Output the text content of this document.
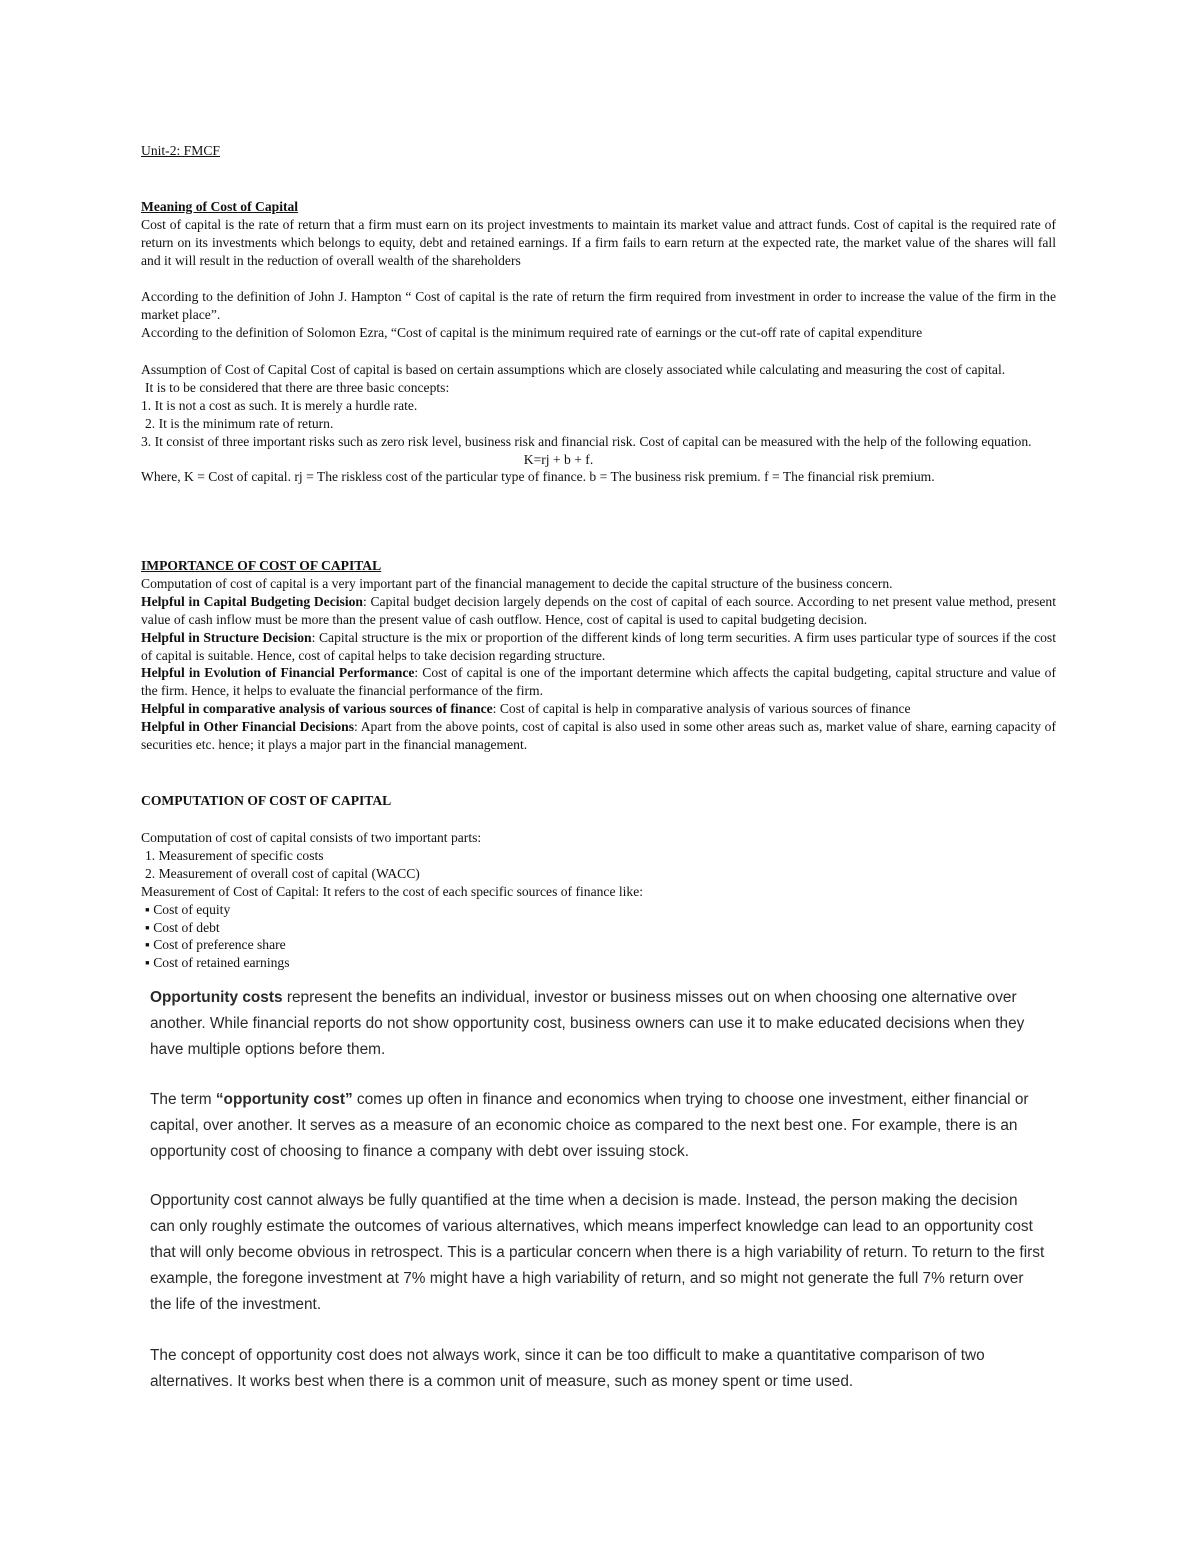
Unit-2: FMCF

Meaning of Cost of Capital

Cost of capital is the rate of return that a firm must earn on its project investments to maintain its market value and attract funds. Cost of capital is the required rate of return on its investments which belongs to equity, debt and retained earnings. If a firm fails to earn return at the expected rate, the market value of the shares will fall and it will result in the reduction of overall wealth of the shareholders

According to the definition of John J. Hampton “ Cost of capital is the rate of return the firm required from investment in order to increase the value of the firm in the market place”.

According to the definition of Solomon Ezra, “Cost of capital is the minimum required rate of earnings or the cut-off rate of capital expenditure

Assumption of Cost of Capital Cost of capital is based on certain assumptions which are closely associated while calculating and measuring the cost of capital.

It is to be considered that there are three basic concepts:

1. It is not a cost as such. It is merely a hurdle rate.

2. It is the minimum rate of return.

3. It consist of three important risks such as zero risk level, business risk and financial risk. Cost of capital can be measured with the help of the following equation.

K=rj + b + f.

Where, K = Cost of capital. rj = The riskless cost of the particular type of finance. b = The business risk premium. f = The financial risk premium.

IMPORTANCE OF COST OF CAPITAL

Computation of cost of capital is a very important part of the financial management to decide the capital structure of the business concern.

Helpful in Capital Budgeting Decision: Capital budget decision largely depends on the cost of capital of each source. According to net present value method, present value of cash inflow must be more than the present value of cash outflow. Hence, cost of capital is used to capital budgeting decision.

Helpful in Structure Decision: Capital structure is the mix or proportion of the different kinds of long term securities. A firm uses particular type of sources if the cost of capital is suitable. Hence, cost of capital helps to take decision regarding structure.

Helpful in Evolution of Financial Performance: Cost of capital is one of the important determine which affects the capital budgeting, capital structure and value of the firm. Hence, it helps to evaluate the financial performance of the firm.

Helpful in comparative analysis of various sources of finance: Cost of capital is help in comparative analysis of various sources of finance

Helpful in Other Financial Decisions: Apart from the above points, cost of capital is also used in some other areas such as, market value of share, earning capacity of securities etc. hence; it plays a major part in the financial management.

COMPUTATION OF COST OF CAPITAL

Computation of cost of capital consists of two important parts:

1. Measurement of specific costs

2. Measurement of overall cost of capital (WACC)

Measurement of Cost of Capital: It refers to the cost of each specific sources of finance like:

▪ Cost of equity

▪ Cost of debt

▪ Cost of preference share

▪ Cost of retained earnings

Opportunity costs represent the benefits an individual, investor or business misses out on when choosing one alternative over another. While financial reports do not show opportunity cost, business owners can use it to make educated decisions when they have multiple options before them.

The term “opportunity cost” comes up often in finance and economics when trying to choose one investment, either financial or capital, over another. It serves as a measure of an economic choice as compared to the next best one. For example, there is an opportunity cost of choosing to finance a company with debt over issuing stock.

Opportunity cost cannot always be fully quantified at the time when a decision is made. Instead, the person making the decision can only roughly estimate the outcomes of various alternatives, which means imperfect knowledge can lead to an opportunity cost that will only become obvious in retrospect. This is a particular concern when there is a high variability of return. To return to the first example, the foregone investment at 7% might have a high variability of return, and so might not generate the full 7% return over the life of the investment.

The concept of opportunity cost does not always work, since it can be too difficult to make a quantitative comparison of two alternatives. It works best when there is a common unit of measure, such as money spent or time used.
